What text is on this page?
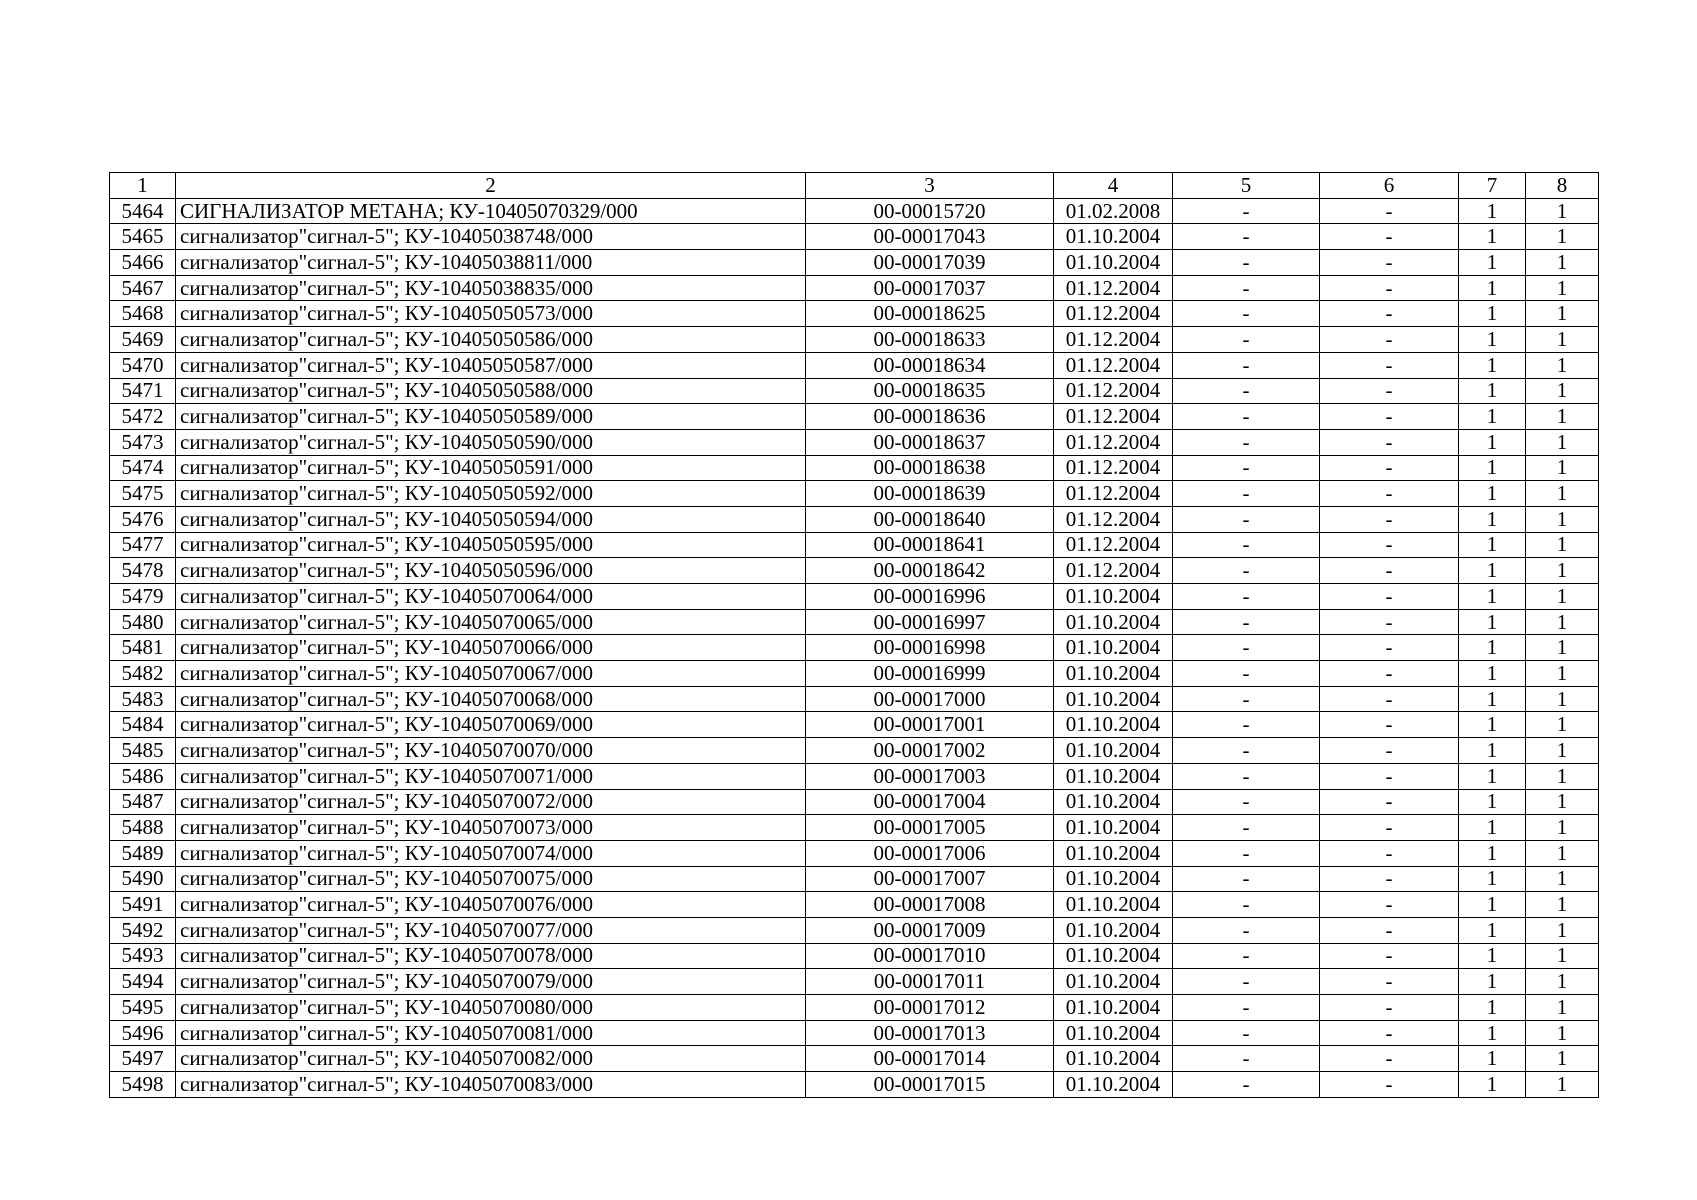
1	2	3	4	5	6	7	8
5464	СИГНАЛИЗАТОР МЕТАНА; КУ-10405070329/000	00-00015720	01.02.2008	-	-	1	1
5465	сигнализатор"сигнал-5"; КУ-10405038748/000	00-00017043	01.10.2004	-	-	1	1
5466	сигнализатор"сигнал-5"; КУ-10405038811/000	00-00017039	01.10.2004	-	-	1	1
5467	сигнализатор"сигнал-5"; КУ-10405038835/000	00-00017037	01.12.2004	-	-	1	1
5468	сигнализатор"сигнал-5"; КУ-10405050573/000	00-00018625	01.12.2004	-	-	1	1
5469	сигнализатор"сигнал-5"; КУ-10405050586/000	00-00018633	01.12.2004	-	-	1	1
5470	сигнализатор"сигнал-5"; КУ-10405050587/000	00-00018634	01.12.2004	-	-	1	1
5471	сигнализатор"сигнал-5"; КУ-10405050588/000	00-00018635	01.12.2004	-	-	1	1
5472	сигнализатор"сигнал-5"; КУ-10405050589/000	00-00018636	01.12.2004	-	-	1	1
5473	сигнализатор"сигнал-5"; КУ-10405050590/000	00-00018637	01.12.2004	-	-	1	1
5474	сигнализатор"сигнал-5"; КУ-10405050591/000	00-00018638	01.12.2004	-	-	1	1
5475	сигнализатор"сигнал-5"; КУ-10405050592/000	00-00018639	01.12.2004	-	-	1	1
5476	сигнализатор"сигнал-5"; КУ-10405050594/000	00-00018640	01.12.2004	-	-	1	1
5477	сигнализатор"сигнал-5"; КУ-10405050595/000	00-00018641	01.12.2004	-	-	1	1
5478	сигнализатор"сигнал-5"; КУ-10405050596/000	00-00018642	01.12.2004	-	-	1	1
5479	сигнализатор"сигнал-5"; КУ-10405070064/000	00-00016996	01.10.2004	-	-	1	1
5480	сигнализатор"сигнал-5"; КУ-10405070065/000	00-00016997	01.10.2004	-	-	1	1
5481	сигнализатор"сигнал-5"; КУ-10405070066/000	00-00016998	01.10.2004	-	-	1	1
5482	сигнализатор"сигнал-5"; КУ-10405070067/000	00-00016999	01.10.2004	-	-	1	1
5483	сигнализатор"сигнал-5"; КУ-10405070068/000	00-00017000	01.10.2004	-	-	1	1
5484	сигнализатор"сигнал-5"; КУ-10405070069/000	00-00017001	01.10.2004	-	-	1	1
5485	сигнализатор"сигнал-5"; КУ-10405070070/000	00-00017002	01.10.2004	-	-	1	1
5486	сигнализатор"сигнал-5"; КУ-10405070071/000	00-00017003	01.10.2004	-	-	1	1
5487	сигнализатор"сигнал-5"; КУ-10405070072/000	00-00017004	01.10.2004	-	-	1	1
5488	сигнализатор"сигнал-5"; КУ-10405070073/000	00-00017005	01.10.2004	-	-	1	1
5489	сигнализатор"сигнал-5"; КУ-10405070074/000	00-00017006	01.10.2004	-	-	1	1
5490	сигнализатор"сигнал-5"; КУ-10405070075/000	00-00017007	01.10.2004	-	-	1	1
5491	сигнализатор"сигнал-5"; КУ-10405070076/000	00-00017008	01.10.2004	-	-	1	1
5492	сигнализатор"сигнал-5"; КУ-10405070077/000	00-00017009	01.10.2004	-	-	1	1
5493	сигнализатор"сигнал-5"; КУ-10405070078/000	00-00017010	01.10.2004	-	-	1	1
5494	сигнализатор"сигнал-5"; КУ-10405070079/000	00-00017011	01.10.2004	-	-	1	1
5495	сигнализатор"сигнал-5"; КУ-10405070080/000	00-00017012	01.10.2004	-	-	1	1
5496	сигнализатор"сигнал-5"; КУ-10405070081/000	00-00017013	01.10.2004	-	-	1	1
5497	сигнализатор"сигнал-5"; КУ-10405070082/000	00-00017014	01.10.2004	-	-	1	1
5498	сигнализатор"сигнал-5"; КУ-10405070083/000	00-00017015	01.10.2004	-	-	1	1
